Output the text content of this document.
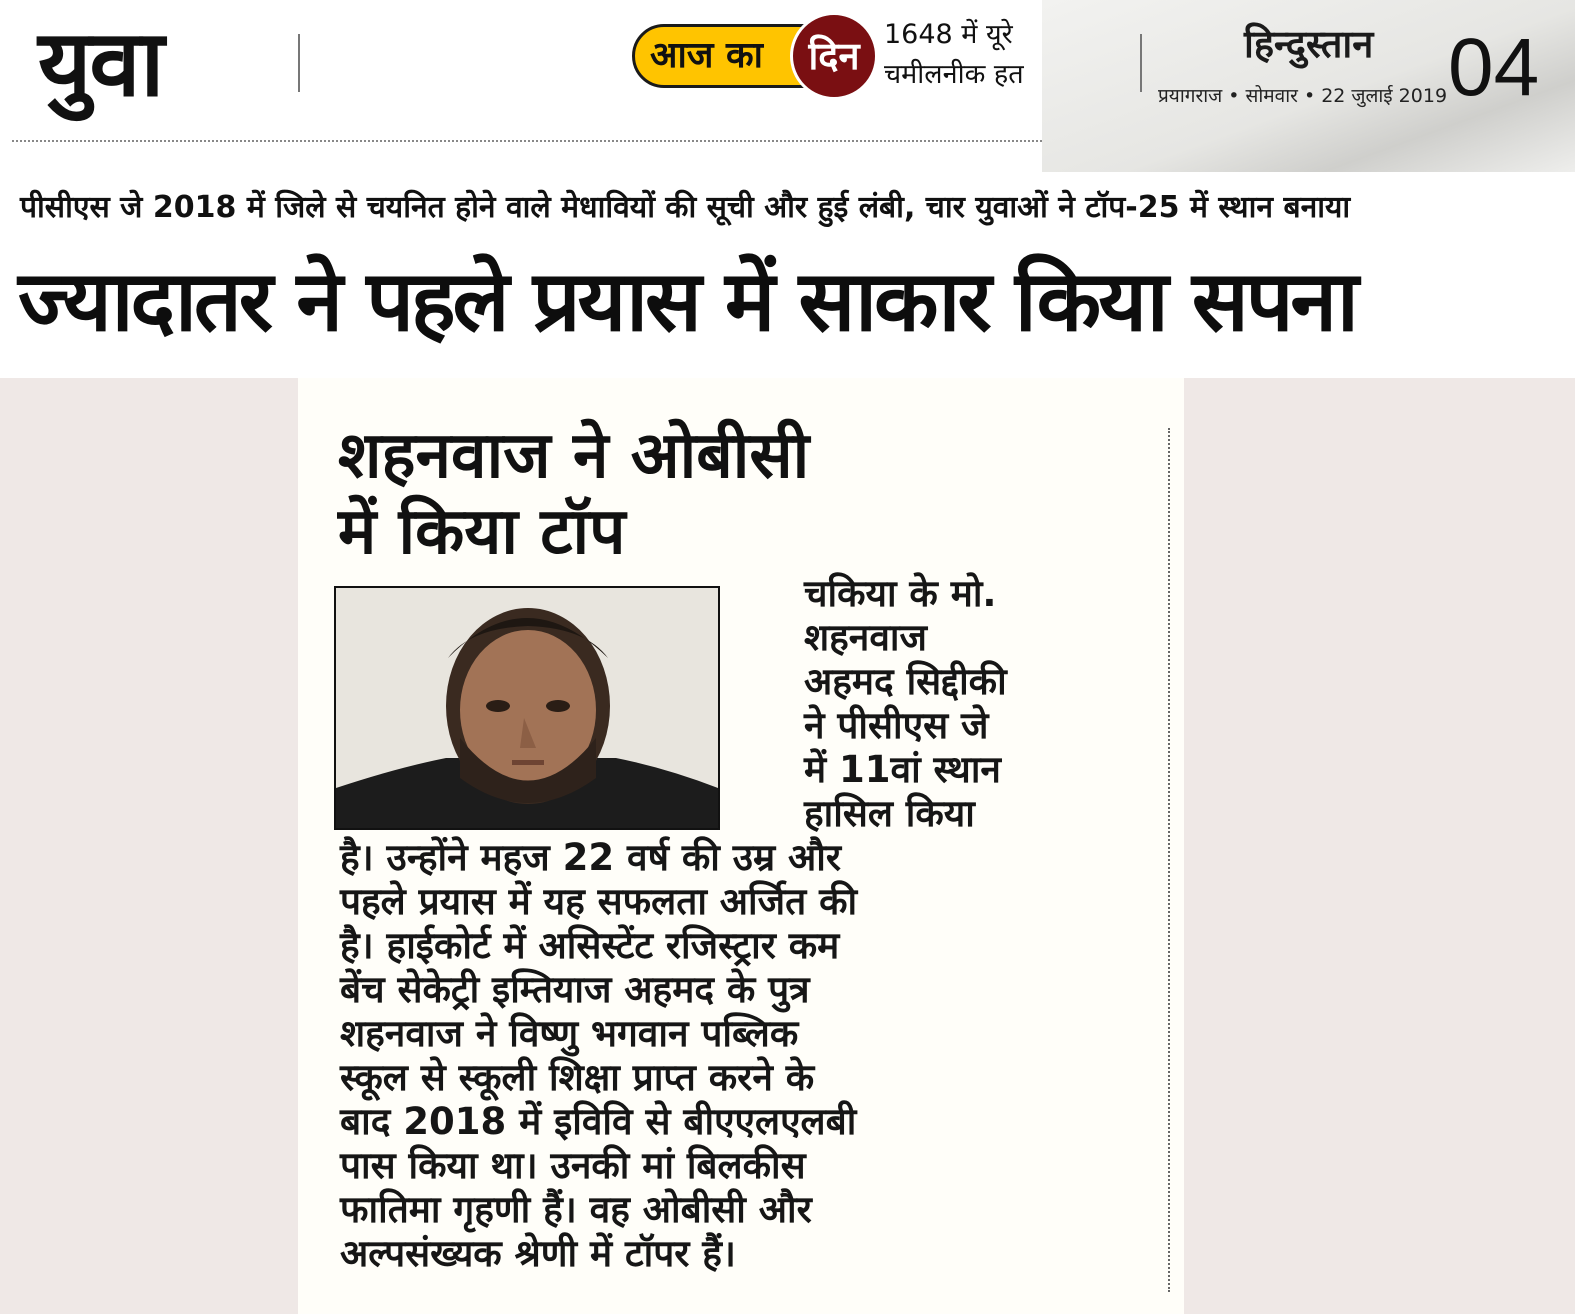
युवा	आज का	दिन 1648 में यूरे
चमीलनीक हत
हिन्दुस्तान
प्रयागराज • सोमवार • 22 जुलाई 2019 04
पीसीएस जे 2018 में जिले से चयनित होने वाले मेधावियों की सूची और हुई लंबी, चार युवाओं ने टॉप-25 में स्थान बनाया
ज्यादातर ने पहले प्रयास में साकार किया सपना
शहनवाज ने ओबीसी
में किया टॉप
चकिया के मो.
शहनवाज
अहमद सिद्दीकी
ने पीसीएस जे
में 11वां स्थान
हासिल किया
है। उन्होंने महज 22 वर्ष की उम्र और
पहले प्रयास में यह सफलता अर्जित की
है। हाईकोर्ट में असिस्टेंट रजिस्ट्रार कम
बेंच सेकेट्री इम्तियाज अहमद के पुत्र
शहनवाज ने विष्णु भगवान पब्लिक
स्कूल से स्कूली शिक्षा प्राप्त करने के
बाद 2018 में इविवि से बीएएलएलबी
पास किया था। उनकी मां बिलकीस
फातिमा गृहणी हैं। वह ओबीसी और
अल्पसंख्यक श्रेणी में टॉपर हैं।
